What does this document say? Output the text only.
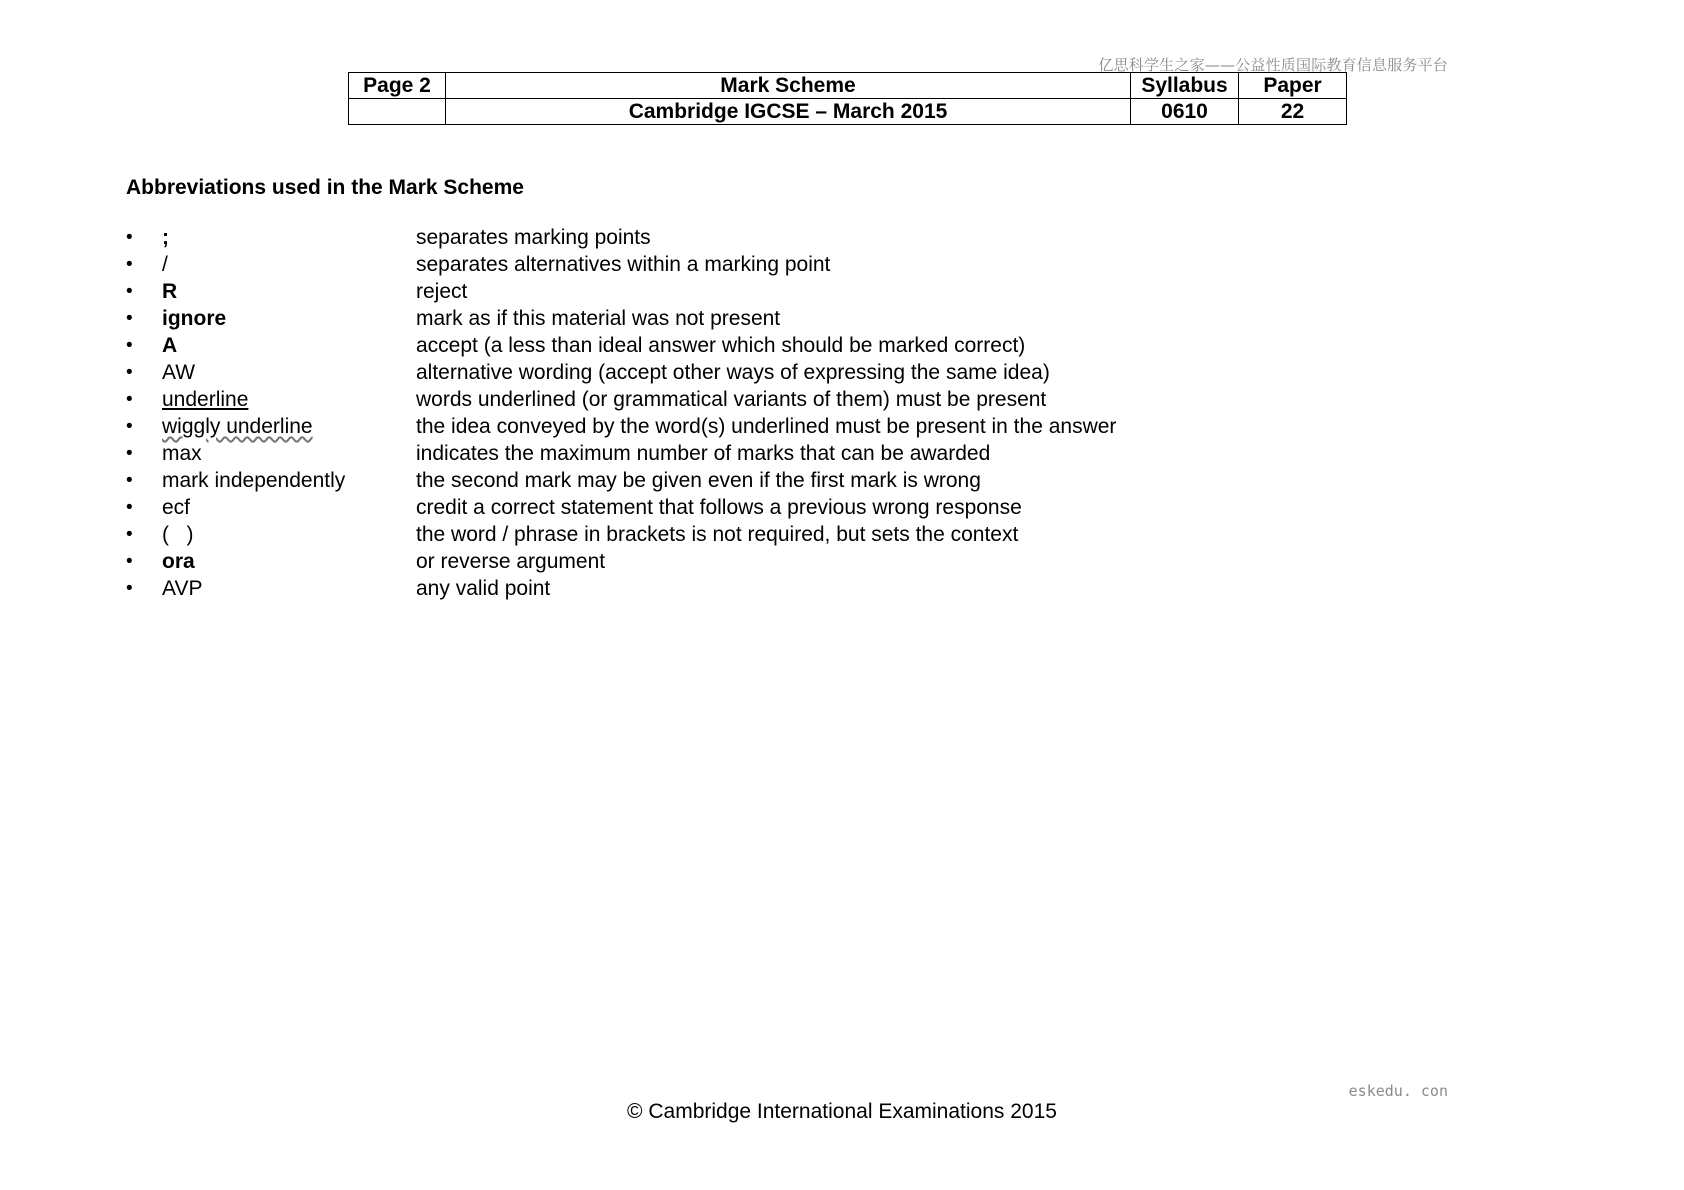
亿思科学生之家——公益性质国际教育信息服务平台
Page 2	Mark Scheme	Syllabus	Paper
	Cambridge IGCSE – March 2015	0610	22
Abbreviations used in the Mark Scheme
• ;	separates marking points
• /	separates alternatives within a marking point
• R	reject
• ignore	mark as if this material was not present
• A	accept (a less than ideal answer which should be marked correct)
• AW	alternative wording (accept other ways of expressing the same idea)
• underline	words underlined (or grammatical variants of them) must be present
• wiggly underline	the idea conveyed by the word(s) underlined must be present in the answer
• max	indicates the maximum number of marks that can be awarded
• mark independently	the second mark may be given even if the first mark is wrong
• ecf	credit a correct statement that follows a previous wrong response
• (   )	the word / phrase in brackets is not required, but sets the context
• ora	or reverse argument
• AVP	any valid point
eskedu. con
© Cambridge International Examinations 2015
